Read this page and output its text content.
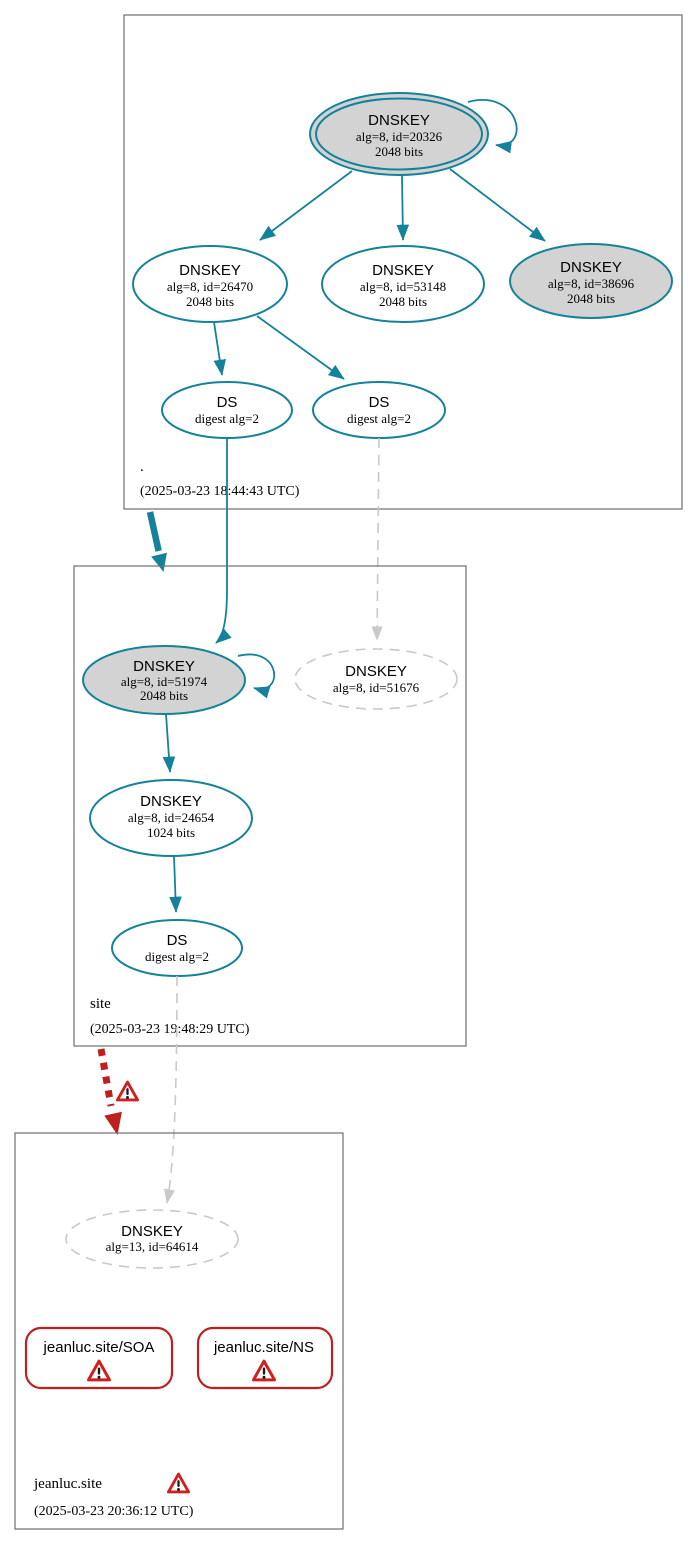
DNSKEY
alg=8, id=20326
2048 bits
DNSKEY
alg=8, id=26470
2048 bits
DNSKEY
alg=8, id=53148
2048 bits
DNSKEY
alg=8, id=38696
2048 bits
DS
digest alg=2
DS
digest alg=2
.
(2025-03-23 18:44:43 UTC)
DNSKEY
alg=8, id=51974
2048 bits
DNSKEY
alg=8, id=51676
DNSKEY
alg=8, id=24654
1024 bits
DS
digest alg=2
site
(2025-03-23 19:48:29 UTC)
DNSKEY
alg=13, id=64614
jeanluc.site/SOA	jeanluc.site/NS
jeanluc.site
(2025-03-23 20:36:12 UTC)
